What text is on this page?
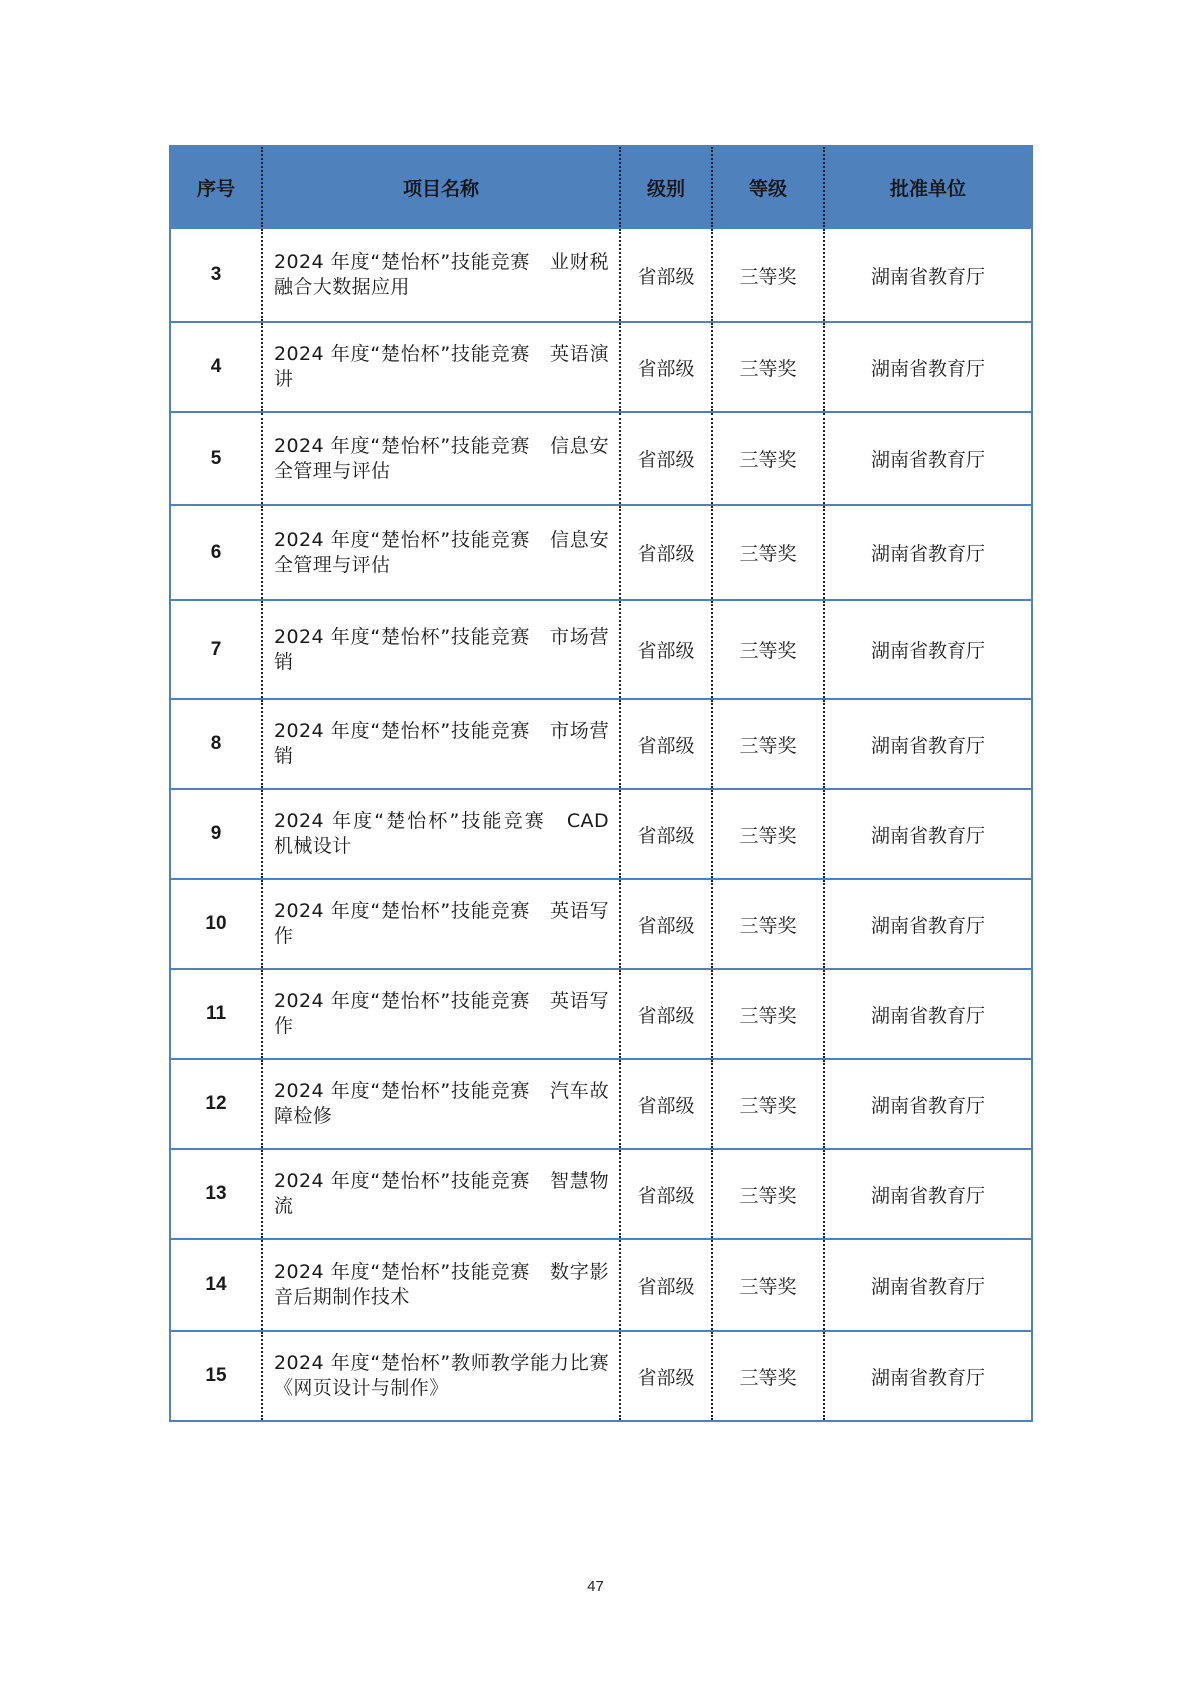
序号	项目名称	级别	等级	批准单位
3	2024 年度“楚怡杯”技能竞赛　业财税融合大数据应用	省部级	三等奖	湖南省教育厅
4	2024 年度“楚怡杯”技能竞赛　英语演讲	省部级	三等奖	湖南省教育厅
5	2024 年度“楚怡杯”技能竞赛　信息安全管理与评估	省部级	三等奖	湖南省教育厅
6	2024 年度“楚怡杯”技能竞赛　信息安全管理与评估	省部级	三等奖	湖南省教育厅
7	2024 年度“楚怡杯”技能竞赛　市场营销	省部级	三等奖	湖南省教育厅
8	2024 年度“楚怡杯”技能竞赛　市场营销	省部级	三等奖	湖南省教育厅
9	2024 年度“楚怡杯”技能竞赛　CAD 机械设计	省部级	三等奖	湖南省教育厅
10	2024 年度“楚怡杯”技能竞赛　英语写作	省部级	三等奖	湖南省教育厅
11	2024 年度“楚怡杯”技能竞赛　英语写作	省部级	三等奖	湖南省教育厅
12	2024 年度“楚怡杯”技能竞赛　汽车故障检修	省部级	三等奖	湖南省教育厅
13	2024 年度“楚怡杯”技能竞赛　智慧物流	省部级	三等奖	湖南省教育厅
14	2024 年度“楚怡杯”技能竞赛　数字影音后期制作技术	省部级	三等奖	湖南省教育厅
15	2024 年度“楚怡杯”教师教学能力比赛　《网页设计与制作》	省部级	三等奖	湖南省教育厅
47
